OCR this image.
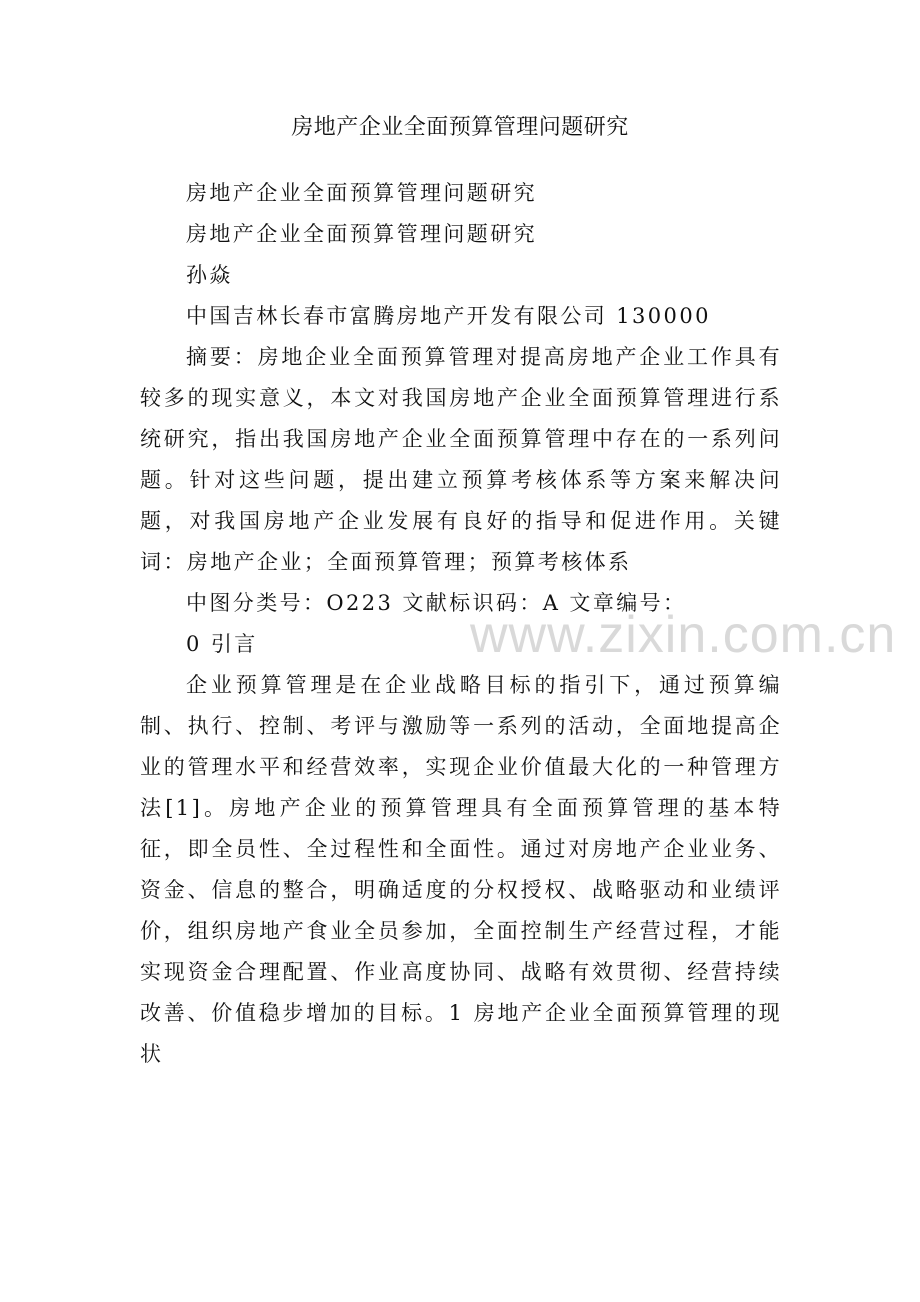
房地产企业全面预算管理问题研究

房地产企业全面预算管理问题研究

房地产企业全面预算管理问题研究

孙焱

中国吉林长春市富腾房地产开发有限公司 130000

摘要：房地企业全面预算管理对提高房地产企业工作具有较多的现实意义，本文对我国房地产企业全面预算管理进行系统研究，指出我国房地产企业全面预算管理中存在的一系列问题。针对这些问题，提出建立预算考核体系等方案来解决问题，对我国房地产企业发展有良好的指导和促进作用。关键词：房地产企业；全面预算管理；预算考核体系

中图分类号：O223 文献标识码：A 文章编号：

0 引言

企业预算管理是在企业战略目标的指引下，通过预算编制、执行、控制、考评与激励等一系列的活动，全面地提高企业的管理水平和经营效率，实现企业价值最大化的一种管理方法[1]。房地产企业的预算管理具有全面预算管理的基本特征，即全员性、全过程性和全面性。通过对房地产企业业务、资金、信息的整合，明确适度的分权授权、战略驱动和业绩评价，组织房地产食业全员参加，全面控制生产经营过程，才能实现资金合理配置、作业高度协同、战略有效贯彻、经营持续改善、价值稳步增加的目标。1 房地产企业全面预算管理的现状

www.zixin.com.cn
